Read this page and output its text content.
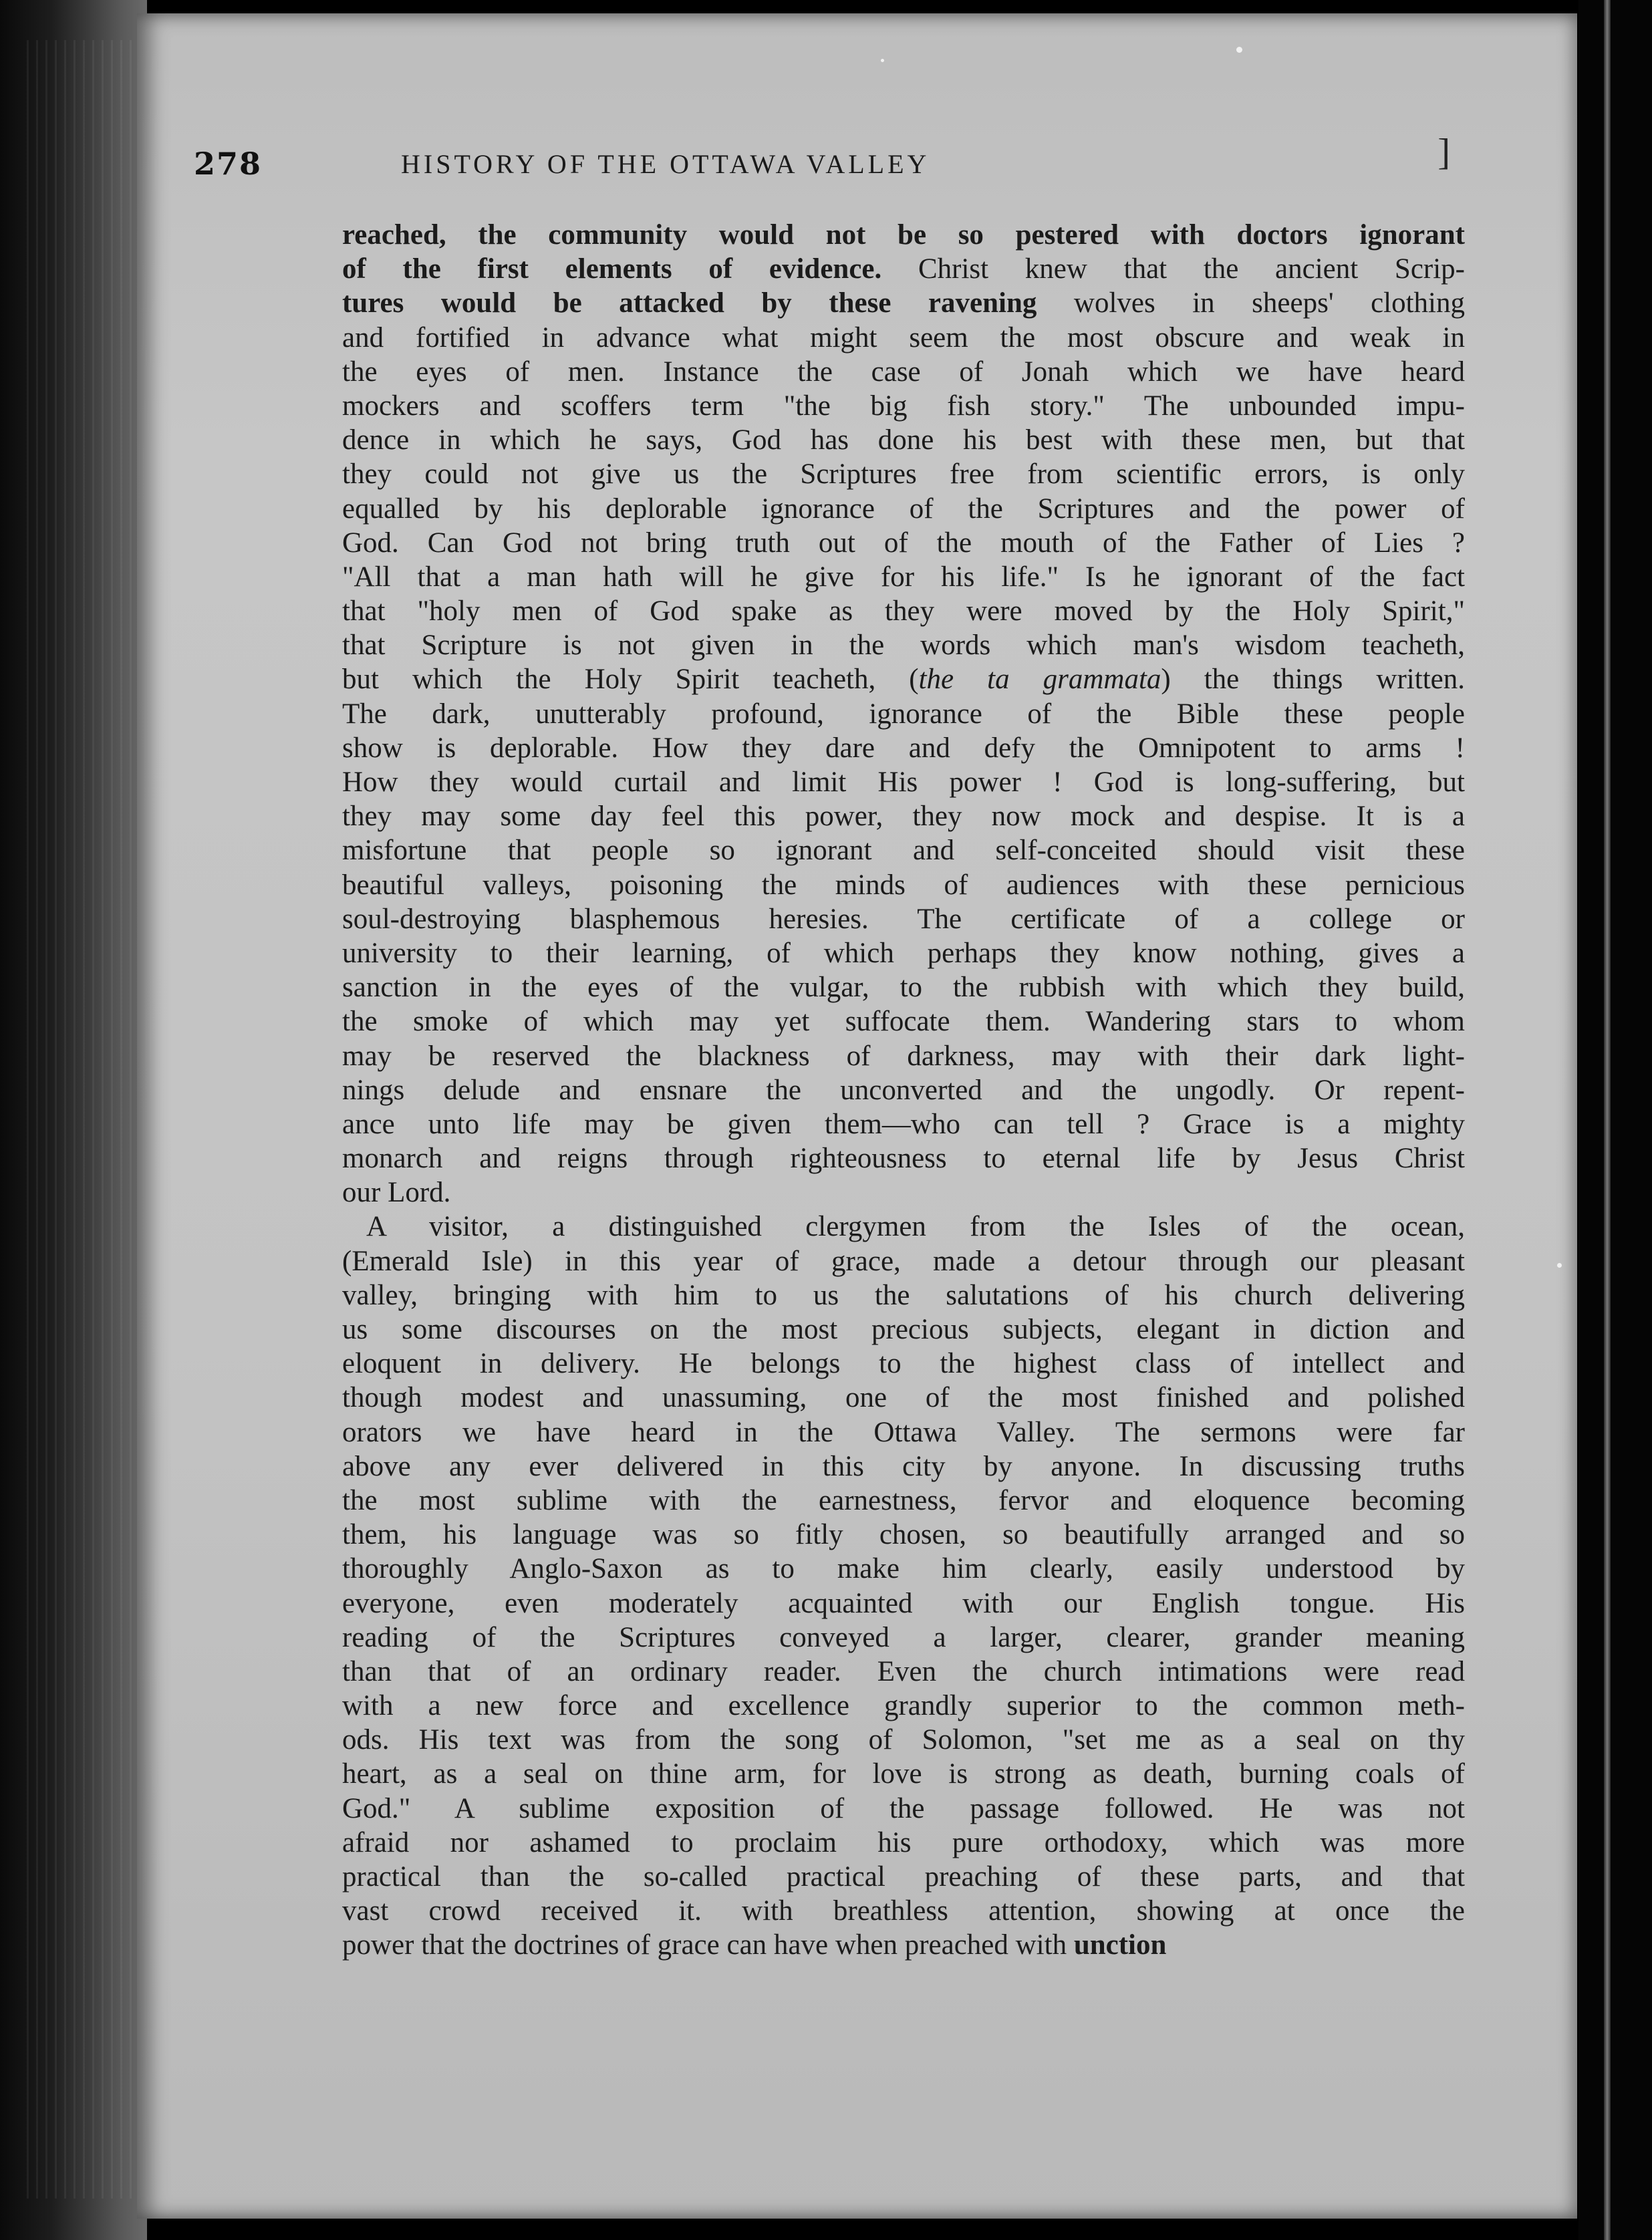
278	HISTORY OF THE OTTAWA VALLEY	]
reached, the community would not be so pestered with doctors ignorant
of the first elements of evidence. Christ knew that the ancient Scrip-
tures would be attacked by these ravening wolves in sheeps' clothing
and fortified in advance what might seem the most obscure and weak in
the eyes of men. Instance the case of Jonah which we have heard
mockers and scoffers term "the big fish story." The unbounded impu-
dence in which he says, God has done his best with these men, but that
they could not give us the Scriptures free from scientific errors, is only
equalled by his deplorable ignorance of the Scriptures and the power of
God. Can God not bring truth out of the mouth of the Father of Lies ?
"All that a man hath will he give for his life." Is he ignorant of the fact
that "holy men of God spake as they were moved by the Holy Spirit,"
that Scripture is not given in the words which man's wisdom teacheth,
but which the Holy Spirit teacheth, (the ta grammata) the things written.
The dark, unutterably profound, ignorance of the Bible these people
show is deplorable. How they dare and defy the Omnipotent to arms !
How they would curtail and limit His power ! God is long-suffering, but
they may some day feel this power, they now mock and despise. It is a
misfortune that people so ignorant and self-conceited should visit these
beautiful valleys, poisoning the minds of audiences with these pernicious
soul-destroying blasphemous heresies. The certificate of a college or
university to their learning, of which perhaps they know nothing, gives a
sanction in the eyes of the vulgar, to the rubbish with which they build,
the smoke of which may yet suffocate them. Wandering stars to whom
may be reserved the blackness of darkness, may with their dark light-
nings delude and ensnare the unconverted and the ungodly. Or repent-
ance unto life may be given them—who can tell ? Grace is a mighty
monarch and reigns through righteousness to eternal life by Jesus Christ
our Lord.
A visitor, a distinguished clergymen from the Isles of the ocean,
(Emerald Isle) in this year of grace, made a detour through our pleasant
valley, bringing with him to us the salutations of his church delivering
us some discourses on the most precious subjects, elegant in diction and
eloquent in delivery. He belongs to the highest class of intellect and
though modest and unassuming, one of the most finished and polished
orators we have heard in the Ottawa Valley. The sermons were far
above any ever delivered in this city by anyone. In discussing truths
the most sublime with the earnestness, fervor and eloquence becoming
them, his language was so fitly chosen, so beautifully arranged and so
thoroughly Anglo-Saxon as to make him clearly, easily understood by
everyone, even moderately acquainted with our English tongue. His
reading of the Scriptures conveyed a larger, clearer, grander meaning
than that of an ordinary reader. Even the church intimations were read
with a new force and excellence grandly superior to the common meth-
ods. His text was from the song of Solomon, "set me as a seal on thy
heart, as a seal on thine arm, for love is strong as death, burning coals of
God." A sublime exposition of the passage followed. He was not
afraid nor ashamed to proclaim his pure orthodoxy, which was more
practical than the so-called practical preaching of these parts, and that
vast crowd received it. with breathless attention, showing at once the
power that the doctrines of grace can have when preached with unction
